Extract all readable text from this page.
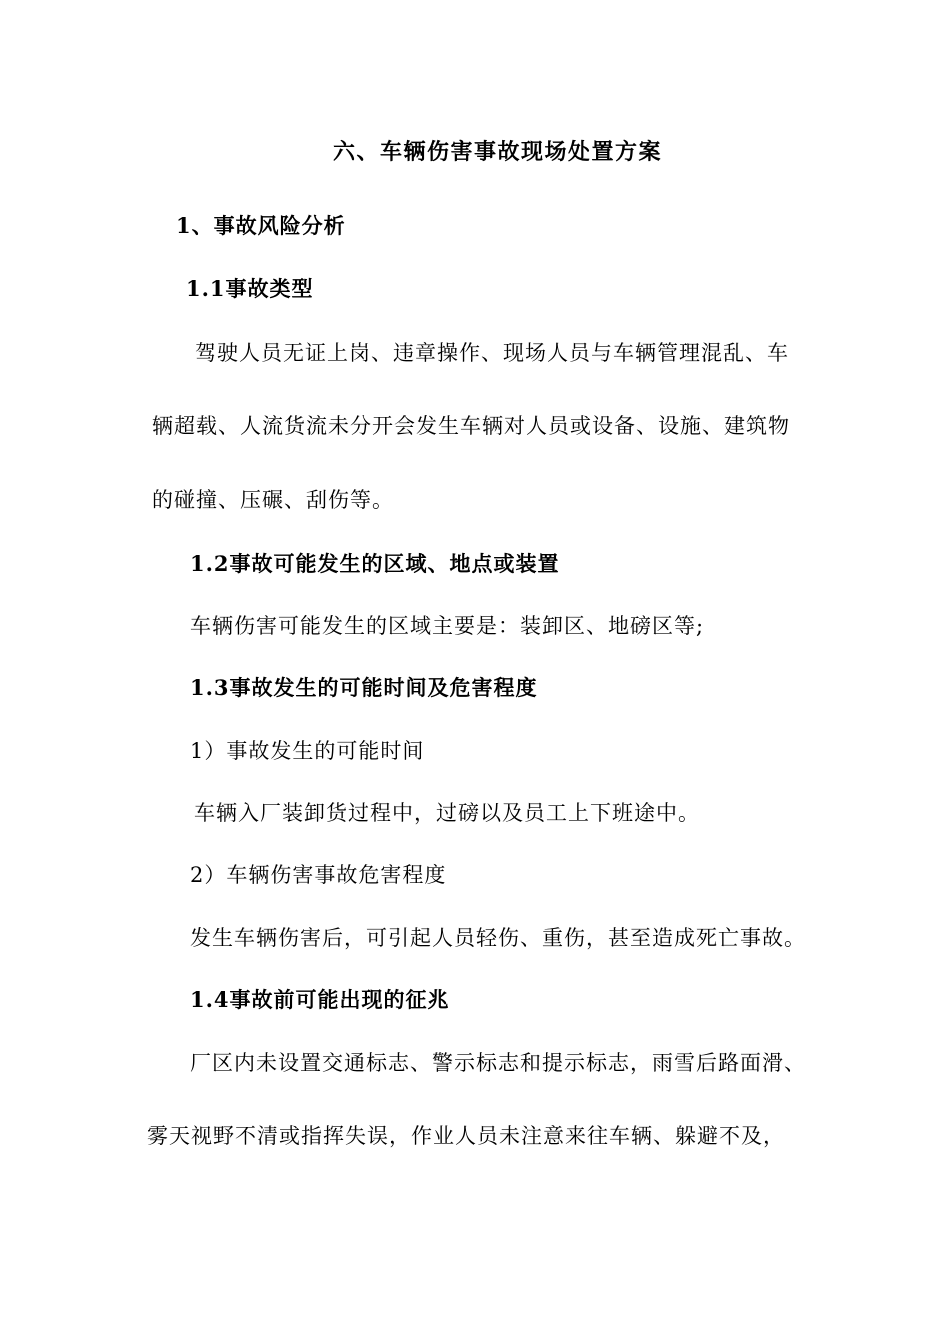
六、车辆伤害事故现场处置方案
1、事故风险分析
1.1事故类型
驾驶人员无证上岗、违章操作、现场人员与车辆管理混乱、车
辆超载、人流货流未分开会发生车辆对人员或设备、设施、建筑物
的碰撞、压碾、刮伤等。
1.2事故可能发生的区域、地点或装置
车辆伤害可能发生的区域主要是：装卸区、地磅区等;
1.3事故发生的可能时间及危害程度
1）事故发生的可能时间
车辆入厂装卸货过程中，过磅以及员工上下班途中。
2）车辆伤害事故危害程度
发生车辆伤害后，可引起人员轻伤、重伤，甚至造成死亡事故。
1.4事故前可能出现的征兆
厂区内未设置交通标志、警示标志和提示标志，雨雪后路面滑、
雾天视野不清或指挥失误，作业人员未注意来往车辆、躲避不及，
